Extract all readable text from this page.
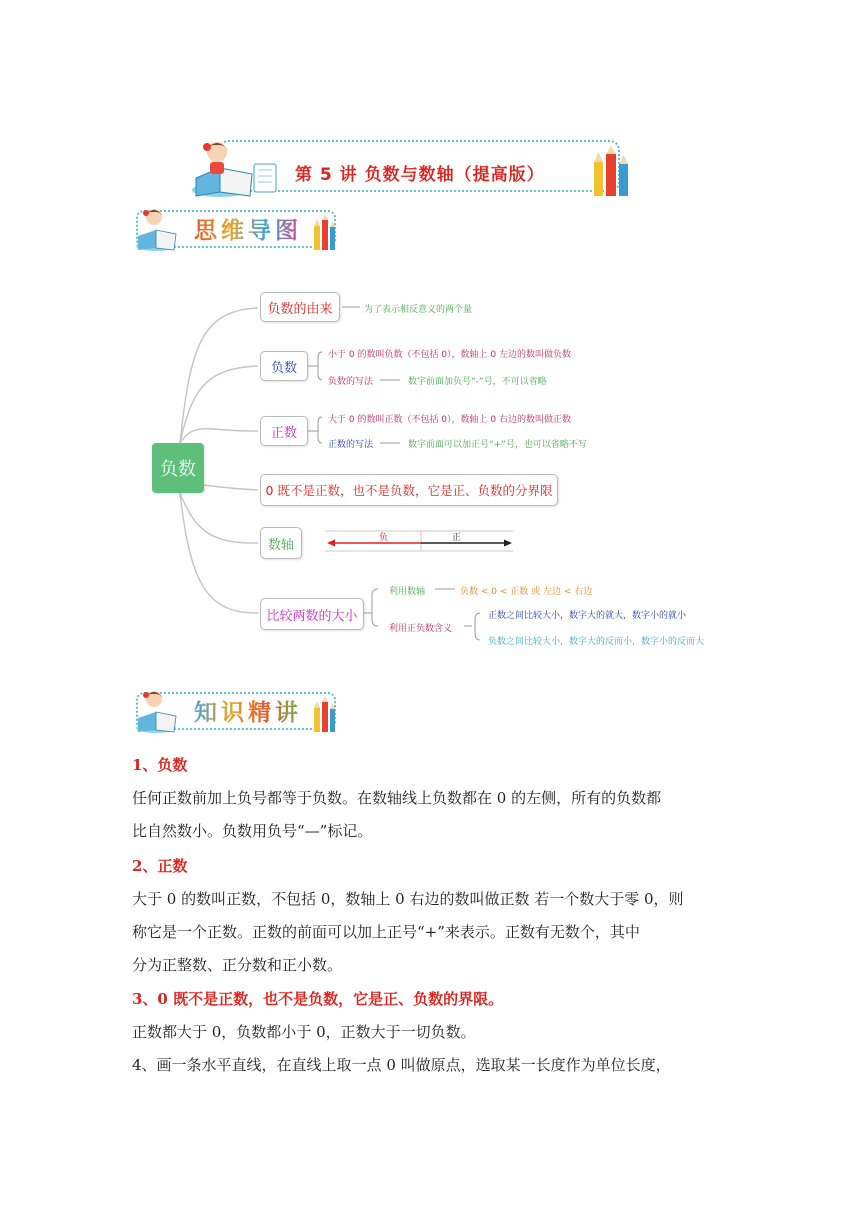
第 5 讲 负数与数轴（提高版）
思维导图
负数
负数的由来	为了表示相反意义的两个量
负数
小于 0 的数叫负数（不包括 0），数轴上 0 左边的数叫做负数
负数的写法	数字前面加负号“-”号，不可以省略
正数
大于 0 的数叫正数（不包括 0），数轴上 0 右边的数叫做正数
正数的写法	数字前面可以加正号“+”号，也可以省略不写
0 既不是正数，也不是负数，它是正、负数的分界限
数轴	负	正
比较两数的大小
利用数轴	负数 < 0 < 正数 或 左边 < 右边
利用正负数含义
正数之间比较大小，数字大的就大，数字小的就小
负数之间比较大小，数字大的反而小，数字小的反而大
知识精讲
1、负数
任何正数前加上负号都等于负数。在数轴线上负数都在 0 的左侧，所有的负数都
比自然数小。负数用负号“—”标记。
2、正数
大于 0 的数叫正数，不包括 0，数轴上 0 右边的数叫做正数 若一个数大于零 0，则
称它是一个正数。正数的前面可以加上正号“+”来表示。正数有无数个，其中
分为正整数、正分数和正小数。
3、0 既不是正数，也不是负数，它是正、负数的界限。
正数都大于 0，负数都小于 0，正数大于一切负数。
4、画一条水平直线，在直线上取一点 0 叫做原点，选取某一长度作为单位长度，
